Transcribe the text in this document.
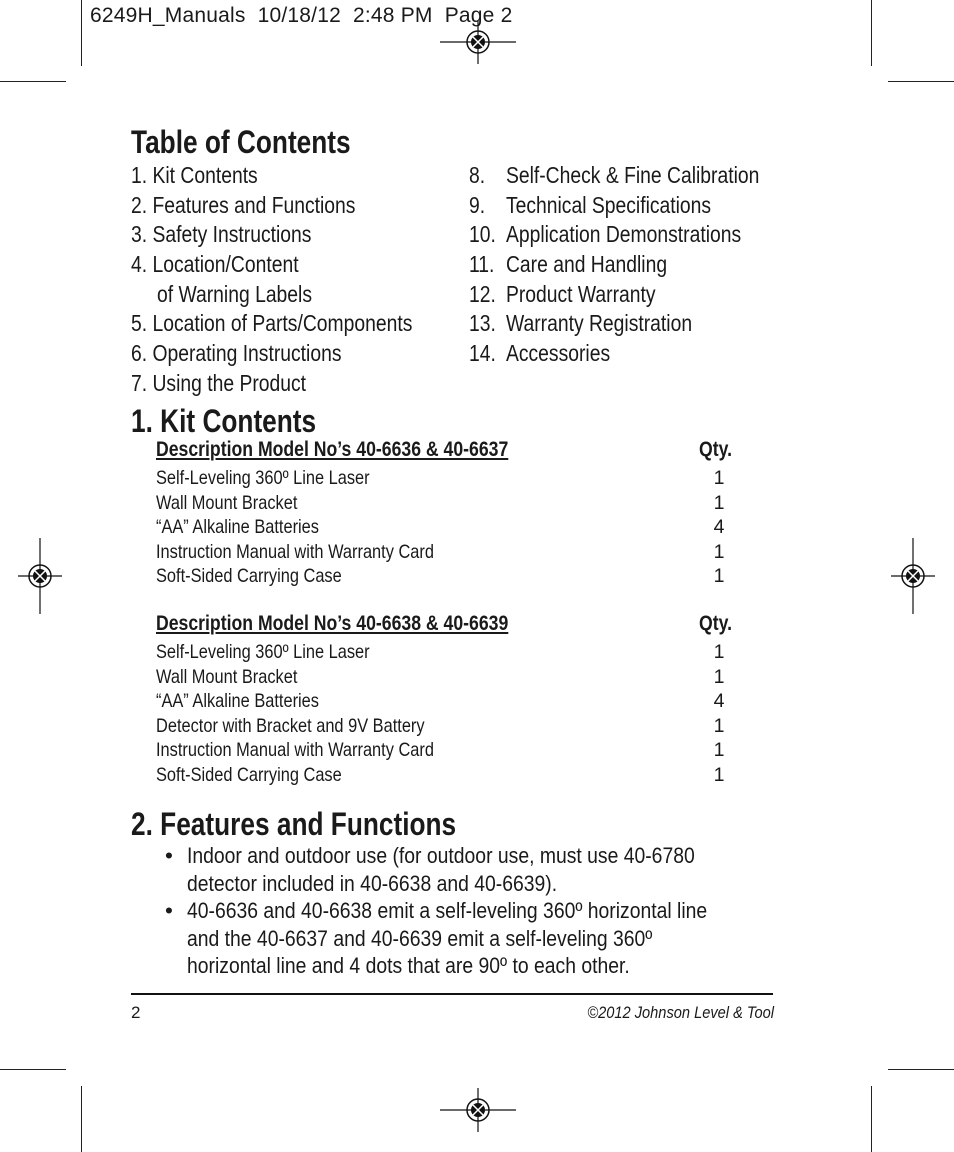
6249H_Manuals  10/18/12  2:48 PM  Page 2
Table of Contents
1. Kit Contents
2. Features and Functions
3. Safety Instructions
4. Location/Content
of Warning Labels
5. Location of Parts/Components
6. Operating Instructions
7. Using the Product
8. Self-Check & Fine Calibration
9. Technical Specifications
10. Application Demonstrations
11. Care and Handling
12. Product Warranty
13. Warranty Registration
14. Accessories
1. Kit Contents
Description Model No’s 40-6636 & 40-6637	Qty.
Self-Leveling 360º Line Laser	1
Wall Mount Bracket	1
“AA” Alkaline Batteries	4
Instruction Manual with Warranty Card	1
Soft-Sided Carrying Case	1
Description Model No’s 40-6638 & 40-6639	Qty.
Self-Leveling 360º Line Laser	1
Wall Mount Bracket	1
“AA” Alkaline Batteries	4
Detector with Bracket and 9V Battery	1
Instruction Manual with Warranty Card	1
Soft-Sided Carrying Case	1
2. Features and Functions
• Indoor and outdoor use (for outdoor use, must use 40-6780
detector included in 40-6638 and 40-6639).
• 40-6636 and 40-6638 emit a self-leveling 360º horizontal line
and the 40-6637 and 40-6639 emit a self-leveling 360º
horizontal line and 4 dots that are 90º to each other.
2	©2012 Johnson Level & Tool
